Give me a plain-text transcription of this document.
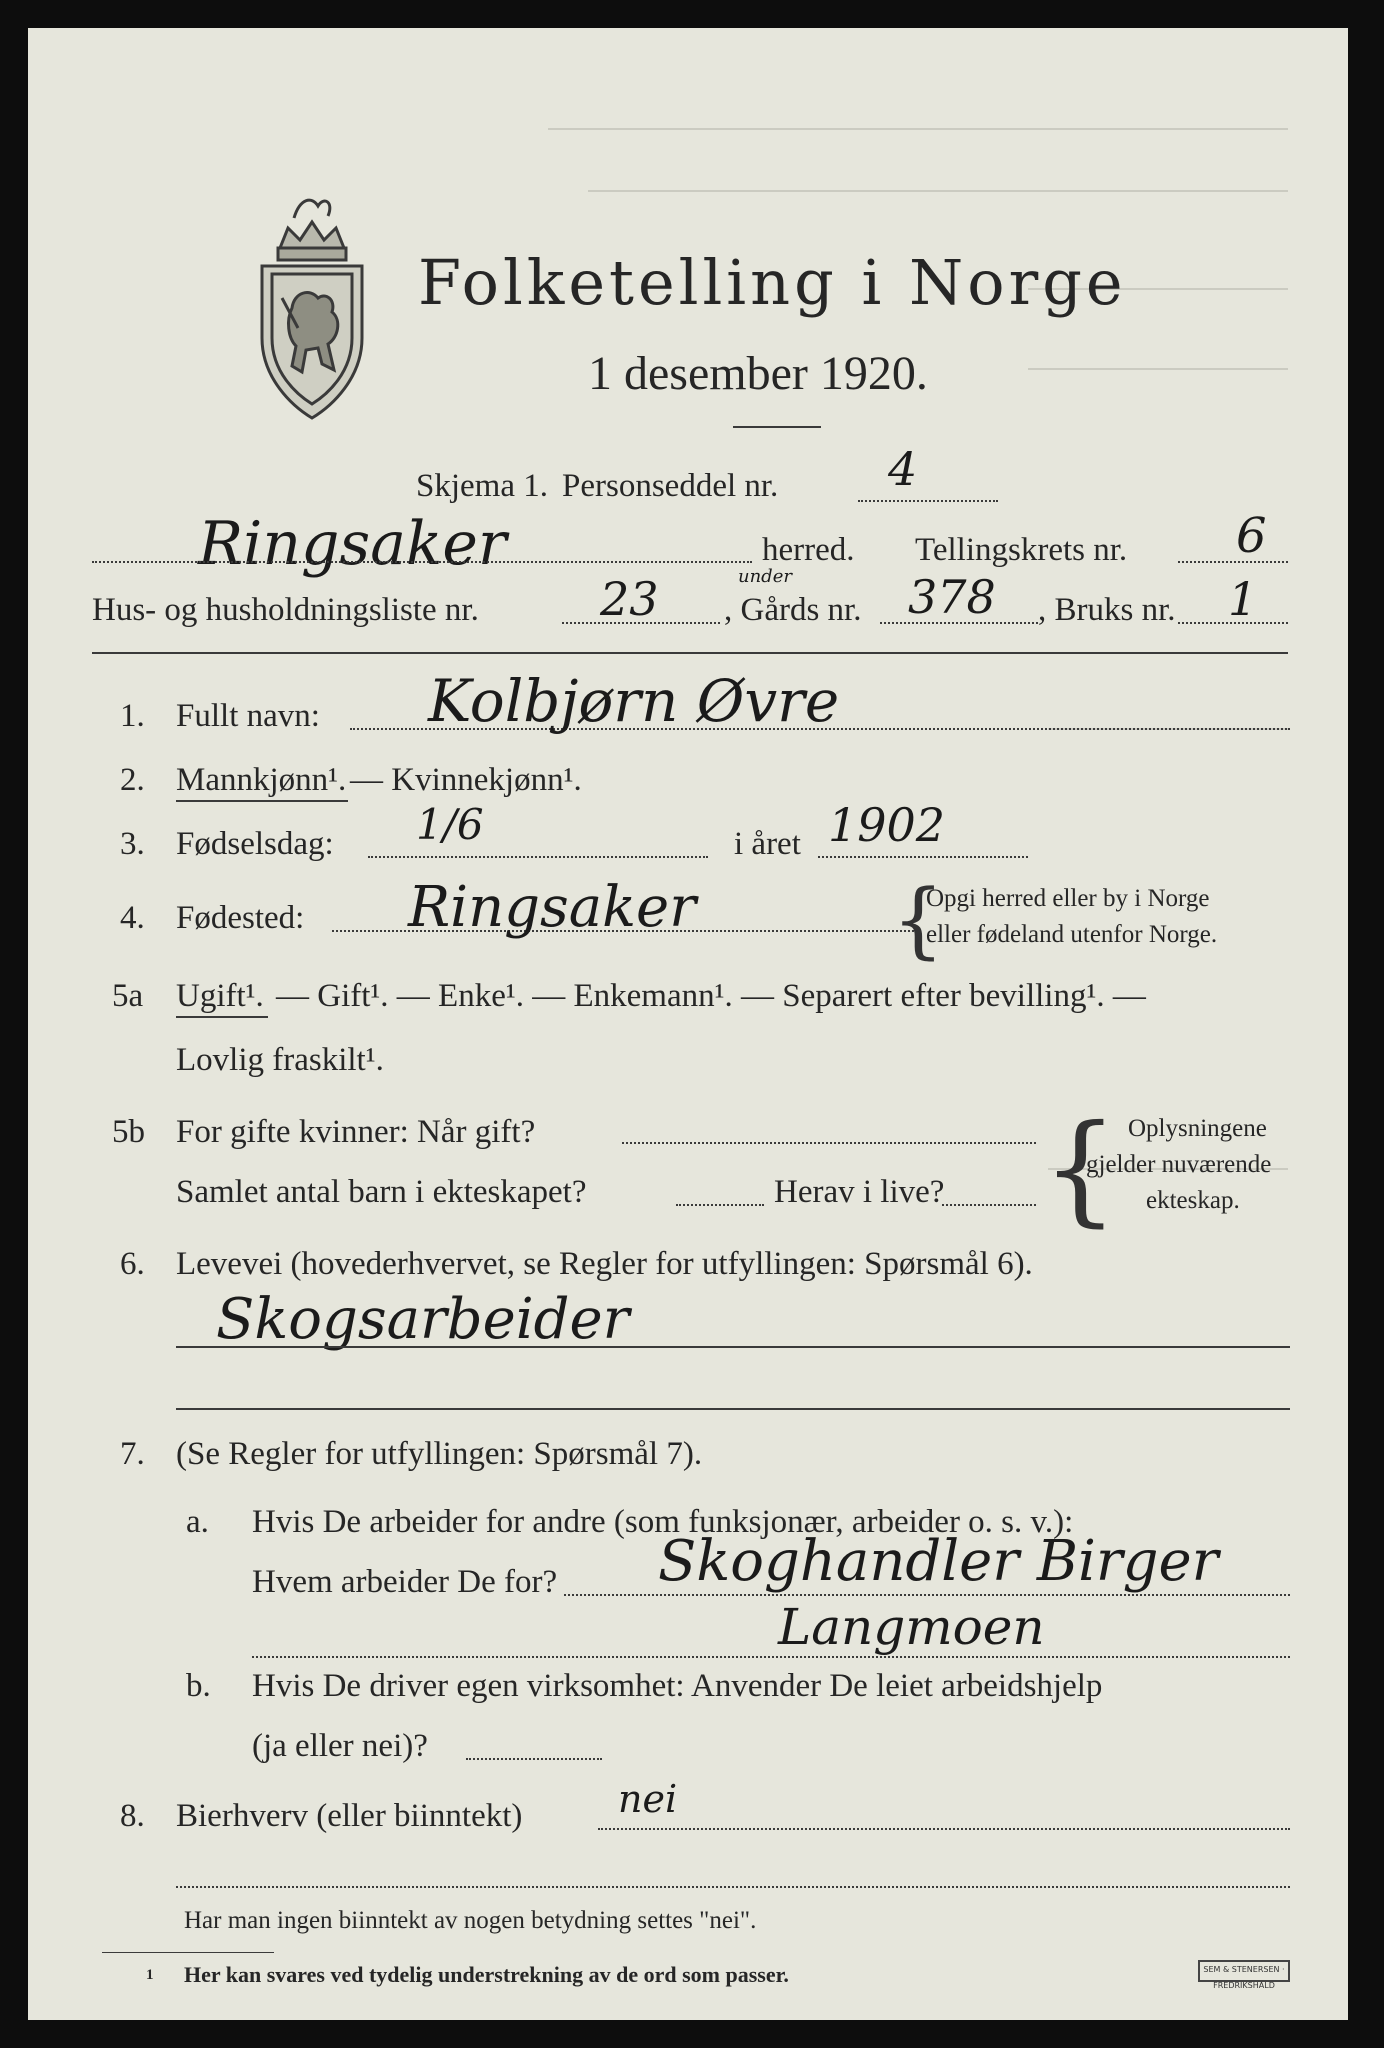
Folketelling i Norge
1 desember 1920.
Skjema 1. Personseddel nr. 4
Ringsaker	herred. Tellingskrets nr. 6
Hus- og husholdningsliste nr.	23 , Gårds nr.
under	378 , Bruks nr. 1
1. Fullt navn: Kolbjørn Øvre
2. Mannkjønn¹. — Kvinnekjønn¹.
3. Fødselsdag: 1/6	i året 1902
4. Fødested: Ringsaker {
Opgi herred eller by i Norge
eller fødeland utenfor Norge.
5a Ugift¹. — Gift¹. — Enke¹. — Enkemann¹. — Separert efter bevilling¹. —
Lovlig fraskilt¹.
5b For gifte kvinner: Når gift?
Samlet antal barn i ekteskapet?	Herav i live? { Oplysningene
gjelder nuværende
ekteskap.
6. Levevei (hovederhvervet, se Regler for utfyllingen: Spørsmål 6).
Skogsarbeider
7. (Se Regler for utfyllingen: Spørsmål 7).
a. Hvis De arbeider for andre (som funksjonær, arbeider o. s. v.):
Hvem arbeider De for? Skoghandler Birger
Langmoen
b. Hvis De driver egen virksomhet: Anvender De leiet arbeidshjelp
(ja eller nei)?
8. Bierhverv (eller biinntekt)	nei
Har man ingen biinntekt av nogen betydning settes "nei".
1 Her kan svares ved tydelig understrekning av de ord som passer.	SEM & STENERSEN · FREDRIKSHALD
